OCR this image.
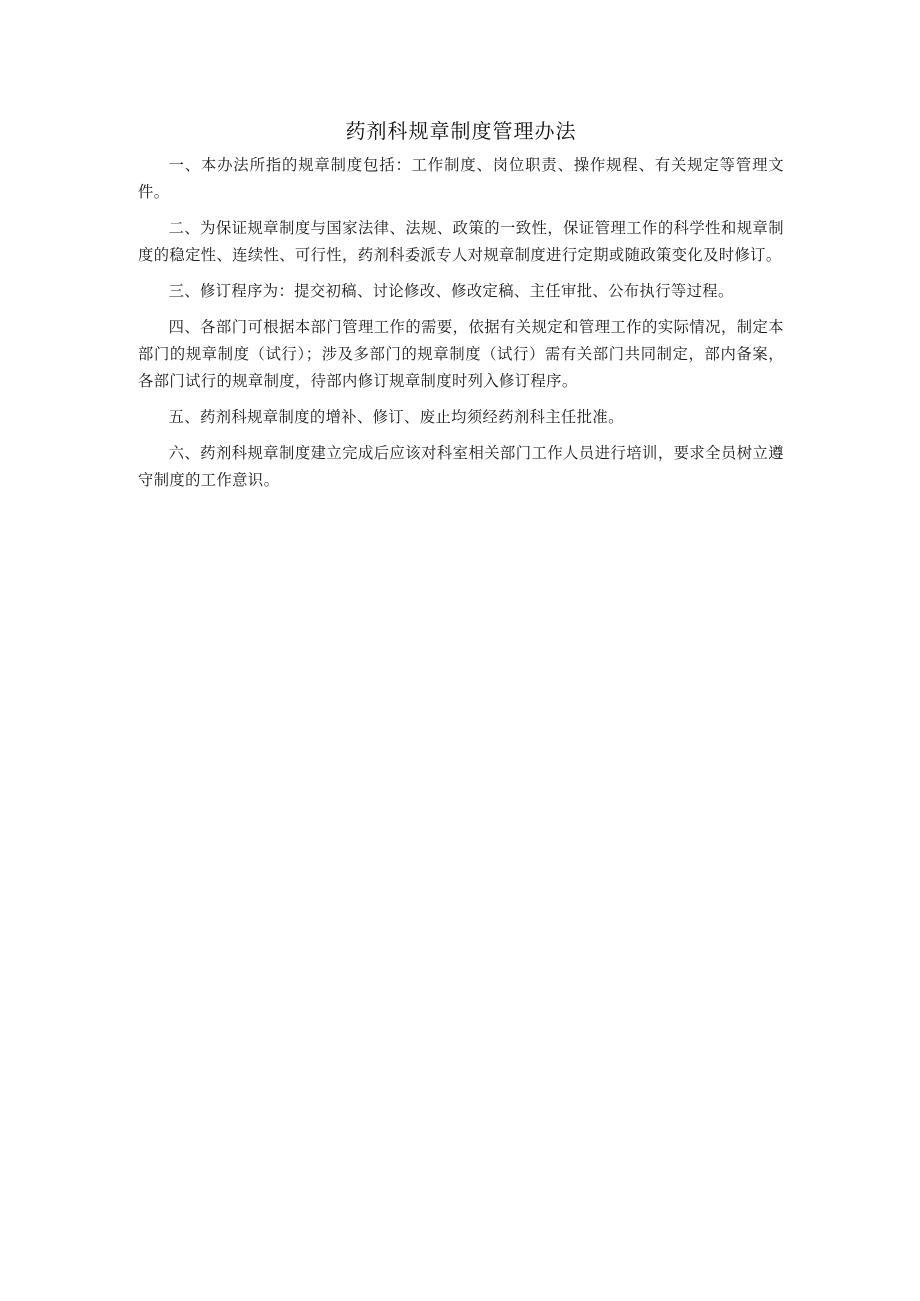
药剂科规章制度管理办法

一、本办法所指的规章制度包括：工作制度、岗位职责、操作规程、有关规定等管理文件。

二、为保证规章制度与国家法律、法规、政策的一致性，保证管理工作的科学性和规章制度的稳定性、连续性、可行性，药剂科委派专人对规章制度进行定期或随政策变化及时修订。

三、修订程序为：提交初稿、讨论修改、修改定稿、主任审批、公布执行等过程。

四、各部门可根据本部门管理工作的需要，依据有关规定和管理工作的实际情况，制定本部门的规章制度（试行）；涉及多部门的规章制度（试行）需有关部门共同制定，部内备案，各部门试行的规章制度，待部内修订规章制度时列入修订程序。

五、药剂科规章制度的增补、修订、废止均须经药剂科主任批准。

六、药剂科规章制度建立完成后应该对科室相关部门工作人员进行培训，要求全员树立遵守制度的工作意识。
